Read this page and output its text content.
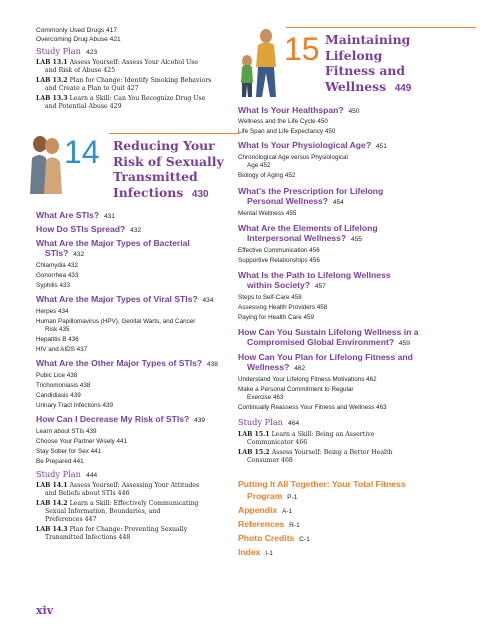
Commonly Used Drugs 417
Overcoming Drug Abuse 421
Study Plan 423
LAB 13.1 Assess Yourself: Assess Your Alcohol Use
and Risk of Abuse 425
LAB 13.2 Plan for Change: Identify Smoking Behaviors
and Create a Plan to Quit 427
LAB 13.3 Learn a Skill: Can You Recognize Drug Use
and Potential Abuse 429
14 Reducing Your
Risk of Sexually
Transmitted
Infections 430
What Are STIs? 431
How Do STIs Spread? 432
What Are the Major Types of Bacterial
STIs? 432
Chlamydia 432
Gonorrhea 433
Syphilis 433
What Are the Major Types of Viral STIs? 434
Herpes 434
Human Papillomavirus (HPV), Genital Warts, and Cancer
Risk 435
Hepatitis B 436
HIV and AIDS 437
What Are the Other Major Types of STIs? 438
Pubic Lice 438
Trichomoniasis 438
Candidiasis 439
Urinary Tract Infections 439
How Can I Decrease My Risk of STIs? 439
Learn about STIs 439
Choose Your Partner Wisely 441
Stay Sober for Sex 441
Be Prepared 441
Study Plan 444
LAB 14.1 Assess Yourself: Assessing Your Attitudes
and Beliefs about STIs 446
LAB 14.2 Learn a Skill: Effectively Communicating
Sexual Information, Boundaries, and
Preferences 447
LAB 14.3 Plan for Change: Preventing Sexually
Transmitted Infections 448
15 Maintaining
Lifelong
Fitness and
Wellness 449
What Is Your Healthspan? 450
Wellness and the Life Cycle 450
Life Span and Life Expectancy 450
What Is Your Physiological Age? 451
Chronological Age versus Physiological
Age 452
Biology of Aging 452
What's the Prescription for Lifelong
Personal Wellness? 454
Mental Wellness 455
What Are the Elements of Lifelong
Interpersonal Wellness? 455
Effective Communication 456
Supportive Relationships 456
What Is the Path to Lifelong Wellness
within Society? 457
Steps to Self-Care 458
Assessing Health Providers 458
Paying for Health Care 459
How Can You Sustain Lifelong Wellness in a
Compromised Global Environment? 459
How Can You Plan for Lifelong Fitness and
Wellness? 462
Understand Your Lifelong Fitness Motivations 462
Make a Personal Commitment to Regular
Exercise 463
Continually Reassess Your Fitness and Wellness 463
Study Plan 464
LAB 15.1 Learn a Skill: Being an Assertive
Communicator 466
LAB 15.2 Assess Yourself: Being a Better Health
Consumer 468
Putting It All Together: Your Total Fitness
Program P-1
Appendix A-1
References R-1
Photo Credits C-1
Index I-1
xiv
